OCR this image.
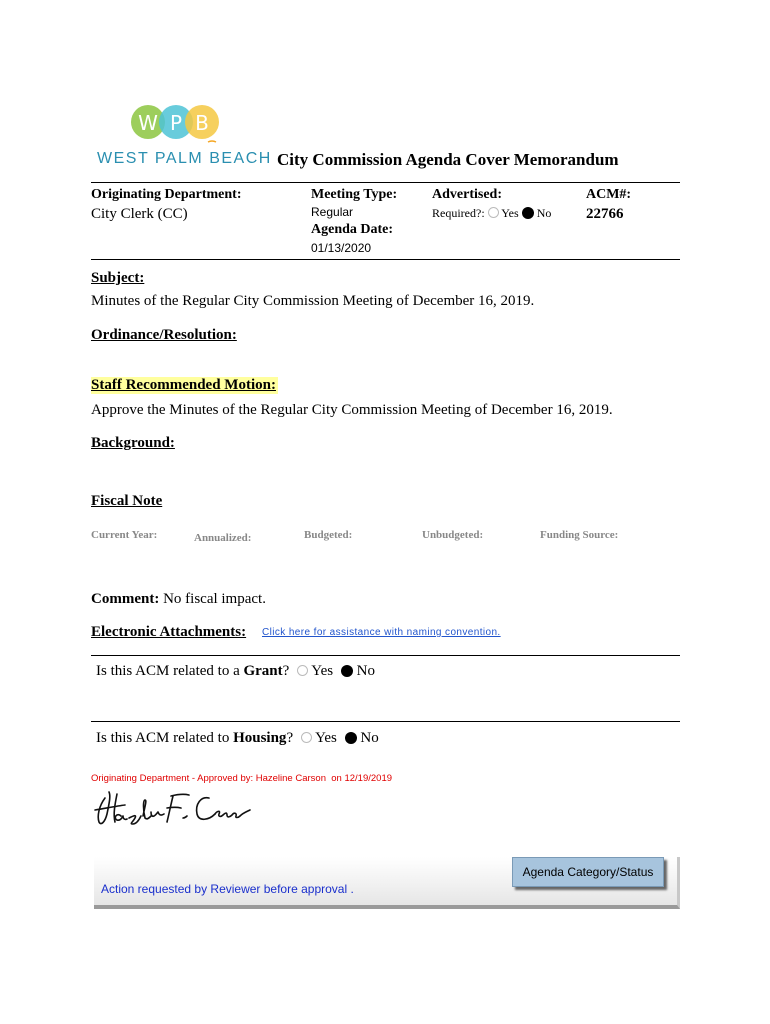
W P B
WEST PALM BEACH City Commission Agenda Cover Memorandum
Originating Department:
City Clerk (CC)
Meeting Type:
Regular
Agenda Date:
01/13/2020
Advertised:
Required?: Yes No
ACM#:
22766
Subject:
Minutes of the Regular City Commission Meeting of December 16, 2019.
Ordinance/Resolution:
Staff Recommended Motion:
Approve the Minutes of the Regular City Commission Meeting of December 16, 2019.
Background:
Fiscal Note
Current Year:	Annualized:	Budgeted:	Unbudgeted:	Funding Source:
Comment: No fiscal impact.
Electronic Attachments: Click here for assistance with naming convention.
Is this ACM related to a Grant? Yes No
Is this ACM related to Housing? Yes No
Originating Department - Approved by: Hazeline Carson  on 12/19/2019
Agenda Category/Status
Action requested by Reviewer before approval .
